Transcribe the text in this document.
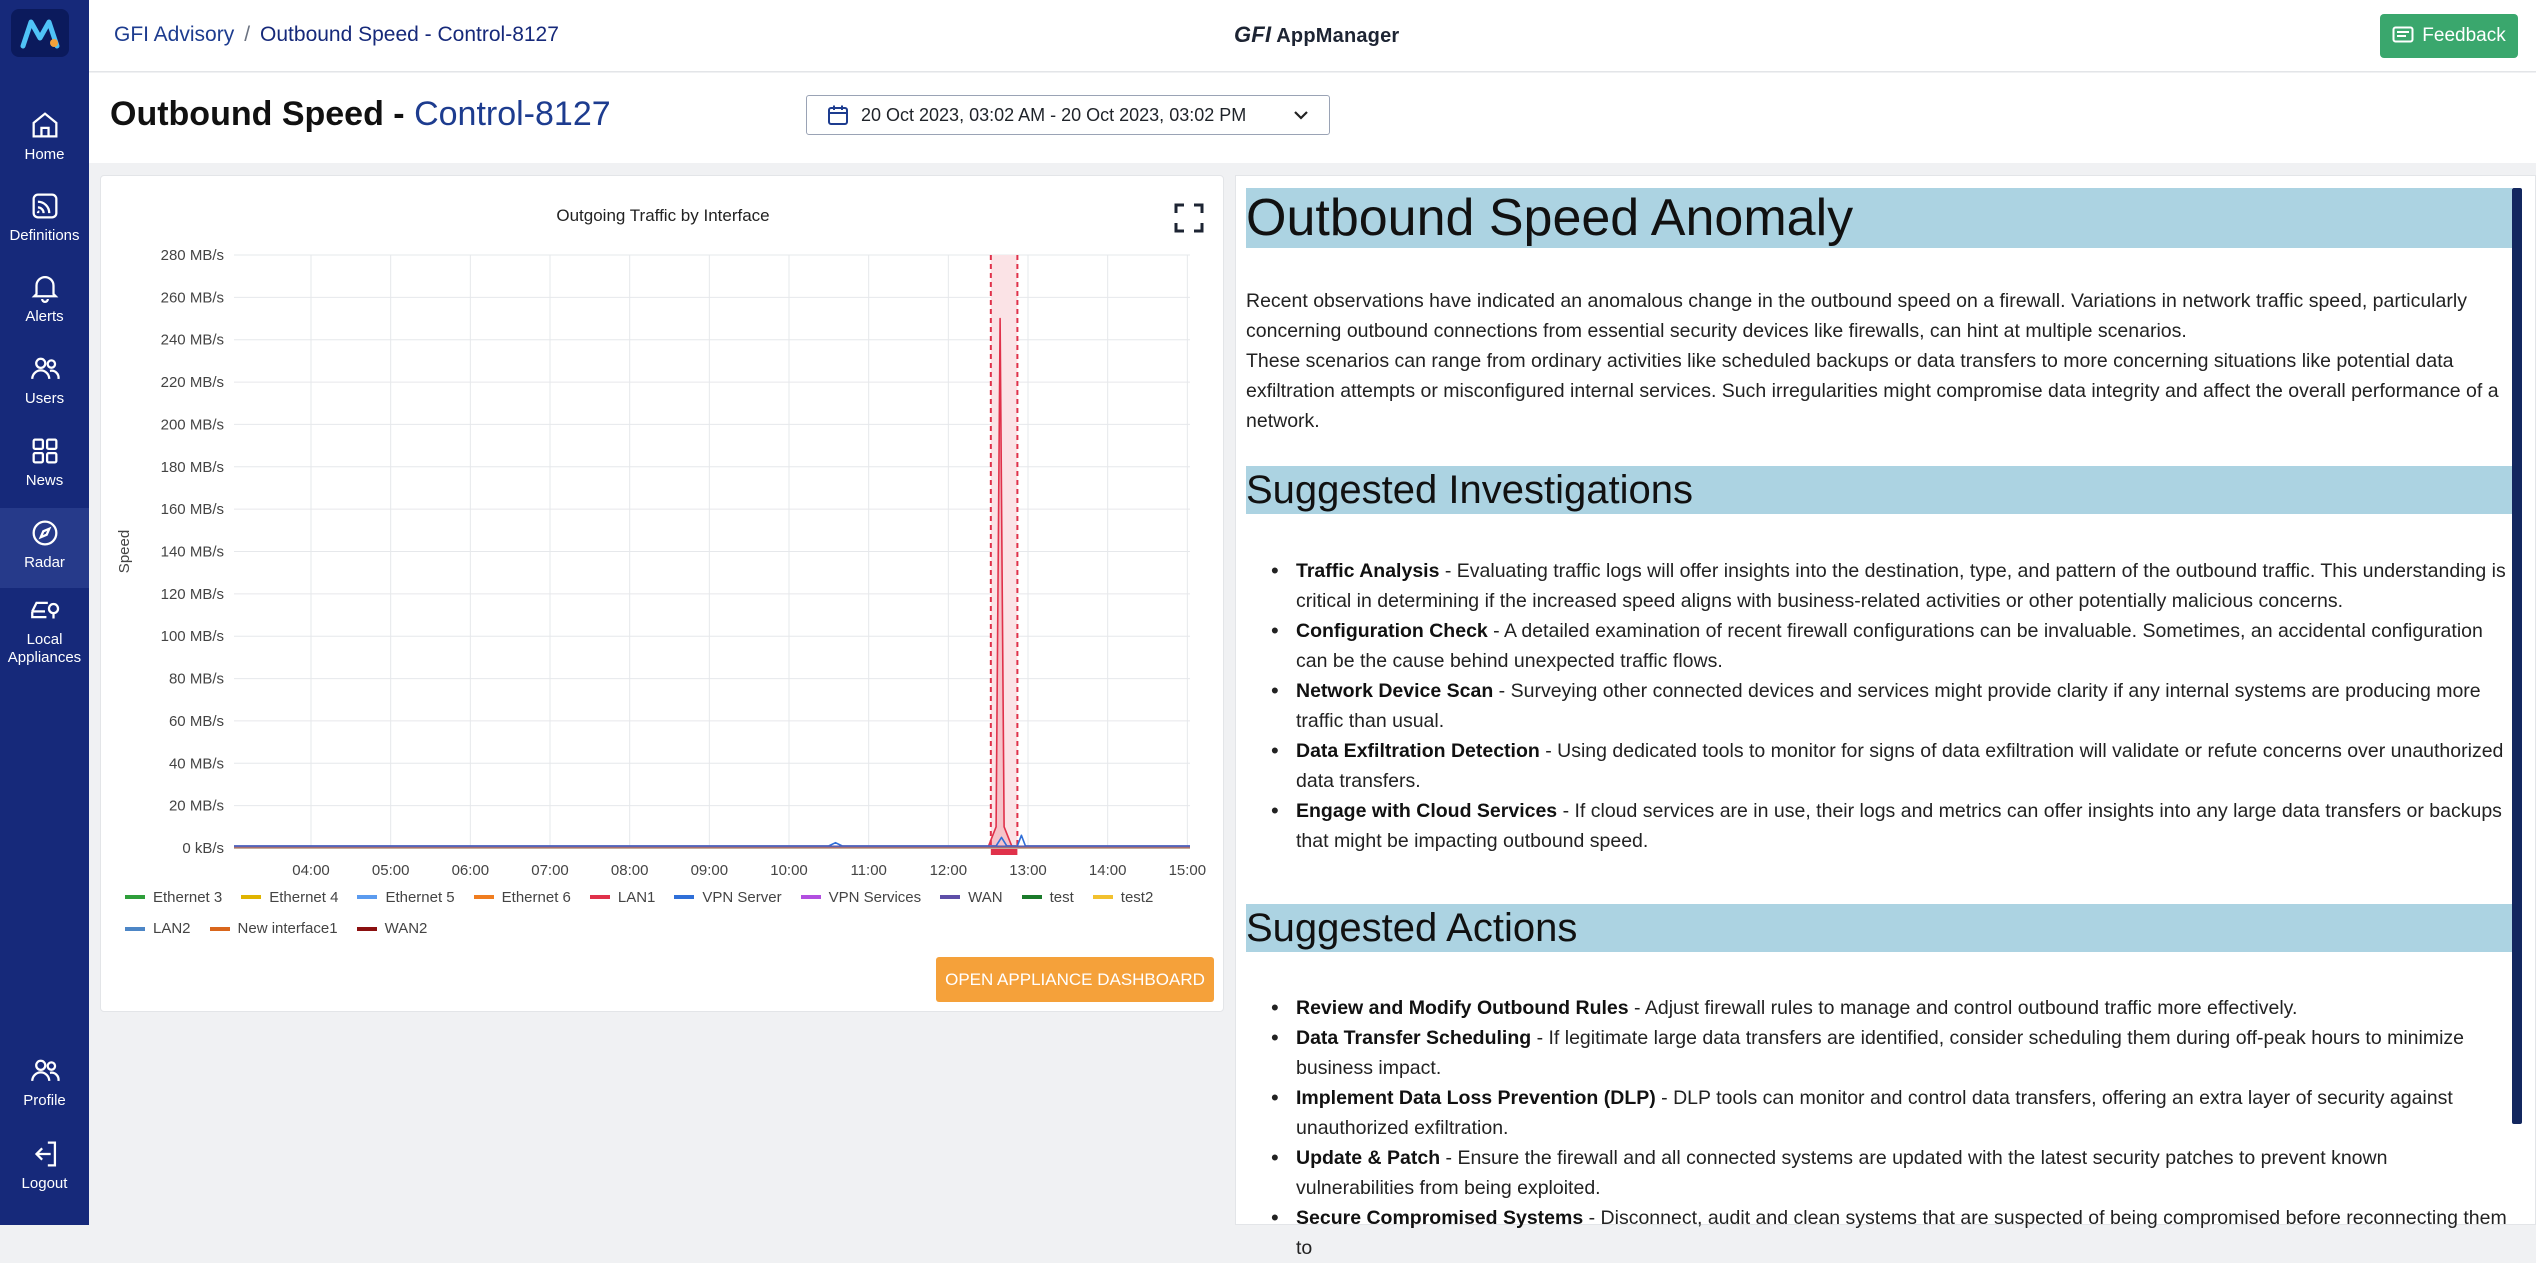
Home
Definitions
Alerts
Users
News
Radar
Local Appliances
Profile
Logout
GFI Advisory / Outbound Speed - Control-8127	GFI AppManager	Feedback
Outbound Speed - Control-8127	20 Oct 2023, 03:02 AM - 20 Oct 2023, 03:02 PM
0 kB/s
20 MB/s
40 MB/s
60 MB/s
80 MB/s
100 MB/s
120 MB/s
140 MB/s
160 MB/s
180 MB/s
200 MB/s
220 MB/s
240 MB/s
260 MB/s
280 MB/s
04:00	05:00	06:00	07:00	08:00	09:00	10:00	11:00	12:00	13:00	14:00	15:00
Speed
Outgoing Traffic by Interface
Ethernet 3	Ethernet 4	Ethernet 5	Ethernet 6	LAN1	VPN Server	VPN Services	WAN	test	test2
LAN2	New interface1	WAN2
OPEN APPLIANCE DASHBOARD
Outbound Speed Anomaly

Recent observations have indicated an anomalous change in the outbound speed on a firewall. Variations in network traffic speed, particularly concerning outbound connections from essential security devices like firewalls, can hint at multiple scenarios.

These scenarios can range from ordinary activities like scheduled backups or data transfers to more concerning situations like potential data exfiltration attempts or misconfigured internal services. Such irregularities might compromise data integrity and affect the overall performance of a network.

Suggested Investigations
• Traffic Analysis - Evaluating traffic logs will offer insights into the destination, type, and pattern of the outbound traffic. This understanding is critical in determining if the increased speed aligns with business-related activities or other potentially malicious concerns.
• Configuration Check - A detailed examination of recent firewall configurations can be invaluable. Sometimes, an accidental configuration can be the cause behind unexpected traffic flows.
• Network Device Scan - Surveying other connected devices and services might provide clarity if any internal systems are producing more traffic than usual.
• Data Exfiltration Detection - Using dedicated tools to monitor for signs of data exfiltration will validate or refute concerns over unauthorized data transfers.
• Engage with Cloud Services - If cloud services are in use, their logs and metrics can offer insights into any large data transfers or backups that might be impacting outbound speed.
Suggested Actions
• Review and Modify Outbound Rules - Adjust firewall rules to manage and control outbound traffic more effectively.
• Data Transfer Scheduling - If legitimate large data transfers are identified, consider scheduling them during off-peak hours to minimize business impact.
• Implement Data Loss Prevention (DLP) - DLP tools can monitor and control data transfers, offering an extra layer of security against unauthorized exfiltration.
• Update & Patch - Ensure the firewall and all connected systems are updated with the latest security patches to prevent known vulnerabilities from being exploited.
• Secure Compromised Systems - Disconnect, audit and clean systems that are suspected of being compromised before reconnecting them to
